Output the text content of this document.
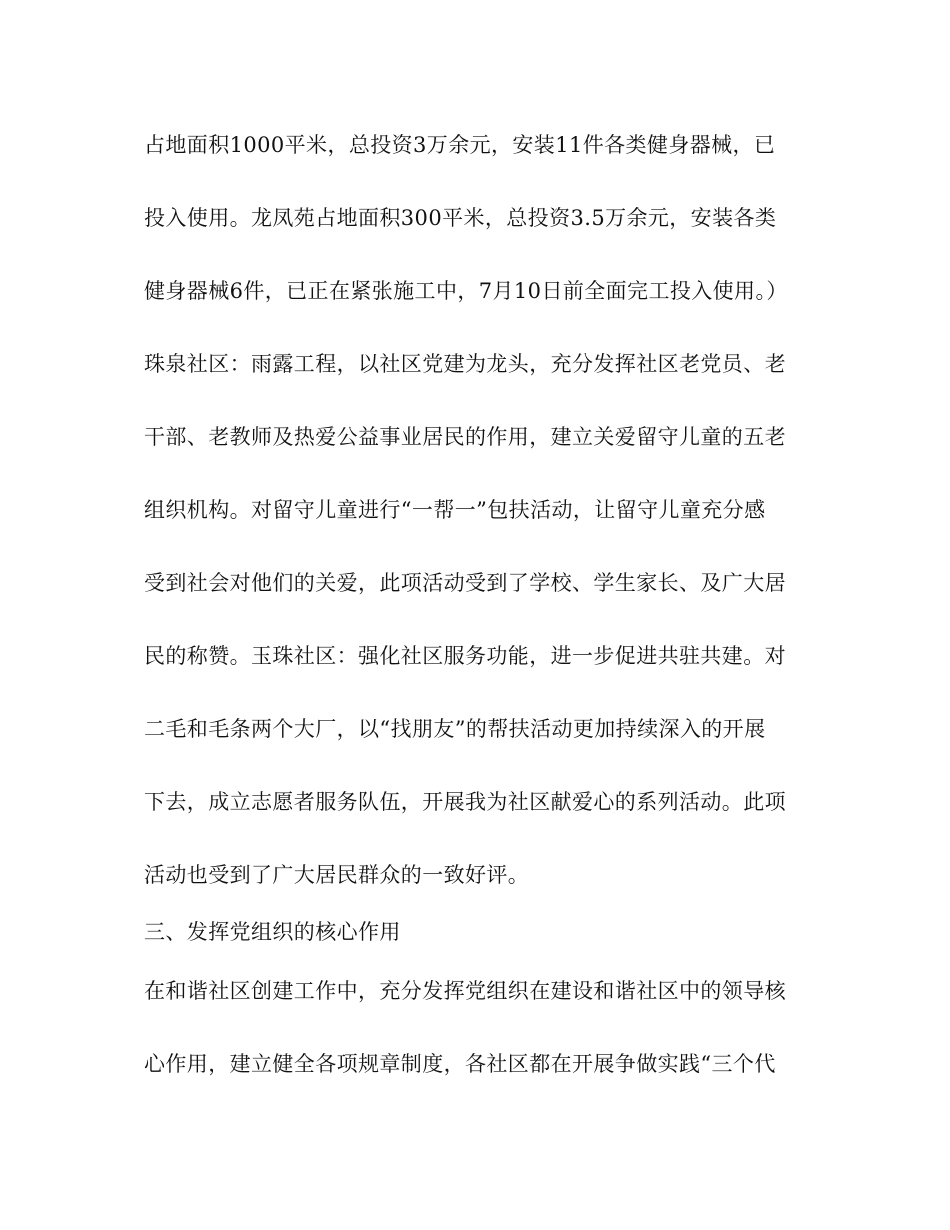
占地面积1000平米，总投资3万余元，安装11件各类健身器械，已
投入使用。龙凤苑占地面积300平米，总投资3.5万余元，安装各类
健身器械6件，已正在紧张施工中，7月10日前全面完工投入使用。）
珠泉社区：雨露工程，以社区党建为龙头，充分发挥社区老党员、老
干部、老教师及热爱公益事业居民的作用，建立关爱留守儿童的五老
组织机构。对留守儿童进行“一帮一”包扶活动，让留守儿童充分感
受到社会对他们的关爱，此项活动受到了学校、学生家长、及广大居
民的称赞。玉珠社区：强化社区服务功能，进一步促进共驻共建。对
二毛和毛条两个大厂，以“找朋友”的帮扶活动更加持续深入的开展
下去，成立志愿者服务队伍，开展我为社区献爱心的系列活动。此项
活动也受到了广大居民群众的一致好评。
三、发挥党组织的核心作用
在和谐社区创建工作中，充分发挥党组织在建设和谐社区中的领导核
心作用，建立健全各项规章制度，各社区都在开展争做实践“三个代
